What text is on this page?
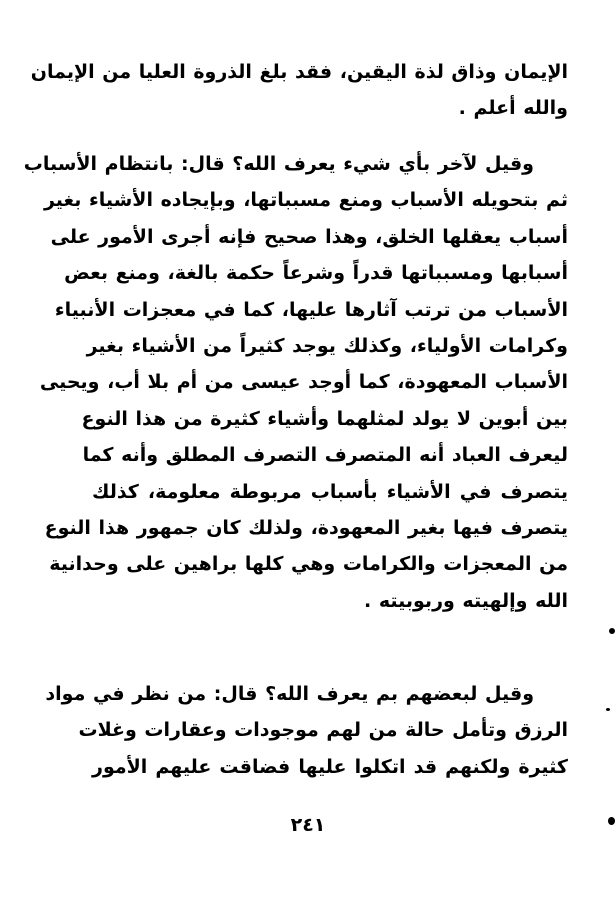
الإيمان وذاق لذة اليقين، فقد بلغ الذروة العليا من الإيمان
والله أعلم .
وقيل لآخر بأي شيء يعرف الله؟ قال: بانتظام الأسباب
ثم بتحويله الأسباب ومنع مسبباتها، وبإيجاده الأشياء بغير
أسباب يعقلها الخلق، وهذا صحيح فإنه أجرى الأمور على
أسبابها ومسبباتها قدراً وشرعاً حكمة بالغة، ومنع بعض
الأسباب من ترتب آثارها عليها، كما في معجزات الأنبياء
وكرامات الأولياء، وكذلك يوجد كثيراً من الأشياء بغير
الأسباب المعهودة، كما أوجد عيسى من أم بلا أب، ويحيى
بين أبوين لا يولد لمثلهما وأشياء كثيرة من هذا النوع
ليعرف العباد أنه المتصرف التصرف المطلق وأنه كما
يتصرف في الأشياء بأسباب مربوطة معلومة، كذلك
يتصرف فيها بغير المعهودة، ولذلك كان جمهور هذا النوع
من المعجزات والكرامات وهي كلها براهين على وحدانية
الله وإلهيته وربوبيته .
وقيل لبعضهم بم يعرف الله؟ قال: من نظر في مواد
الرزق وتأمل حالة من لهم موجودات وعقارات وغلات
كثيرة ولكنهم قد اتكلوا عليها فضاقت عليهم الأمور
٢٤١
